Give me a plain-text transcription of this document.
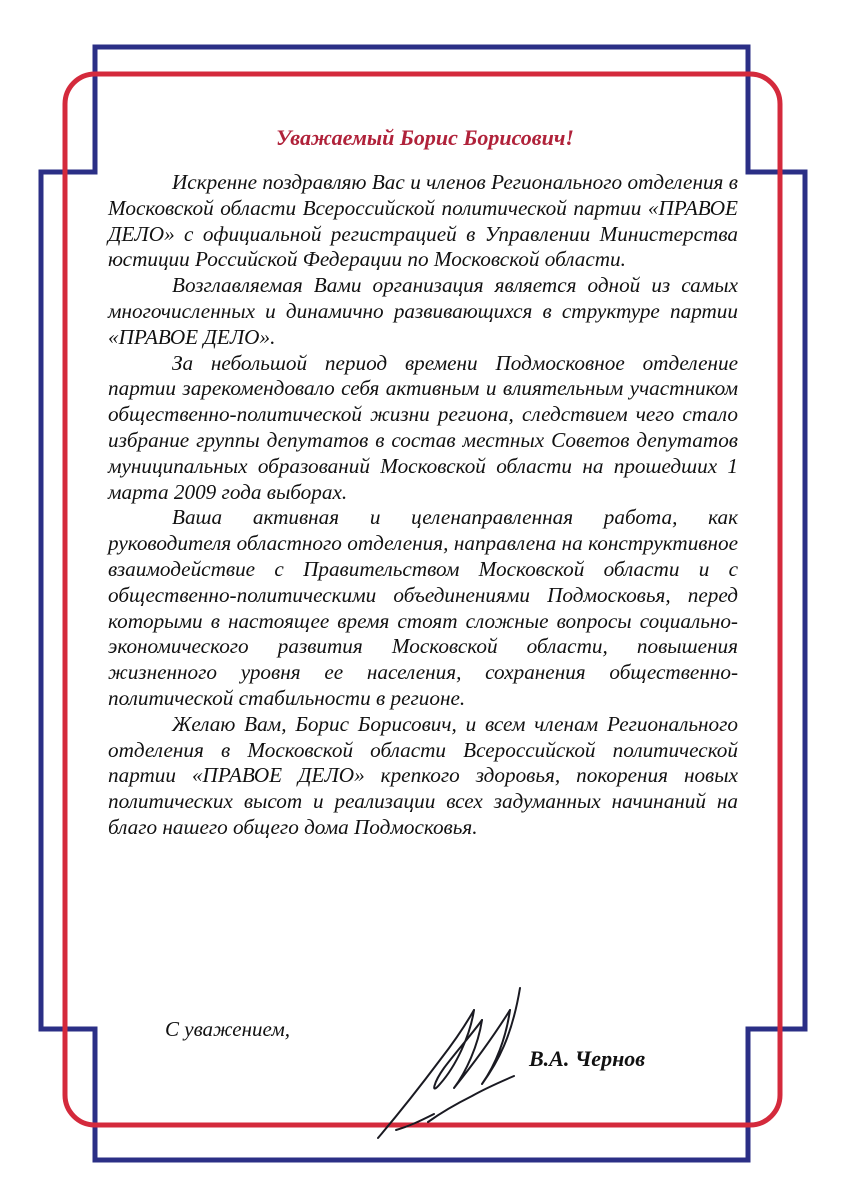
Уважаемый Борис Борисович!

Искренне поздравляю Вас и членов Регионального отделения в Московской области Всероссийской политической партии «ПРАВОЕ ДЕЛО» с официальной регистрацией в Управлении Министерства юстиции Российской Федерации по Московской области.

Возглавляемая Вами организация является одной из самых многочисленных и динамично развивающихся в структуре партии «ПРАВОЕ ДЕЛО».

За небольшой период времени Подмосковное отделение партии зарекомендовало себя активным и влиятельным участником общественно-политической жизни региона, следствием чего стало избрание группы депутатов в состав местных Советов депутатов муниципальных образований Московской области на прошедших 1 марта 2009 года выборах.

Ваша активная и целенаправленная работа, как руководителя областного отделения, направлена на конструктивное взаимодействие с Правительством Московской области и с общественно-политическими объединениями Подмосковья, перед которыми в настоящее время стоят сложные вопросы социально-экономического развития Московской области, повышения жизненного уровня ее населения, сохранения общественно-политической стабильности в регионе.

Желаю Вам, Борис Борисович, и всем членам Регионального отделения в Московской области Всероссийской политической партии «ПРАВОЕ ДЕЛО» крепкого здоровья, покорения новых политических высот и реализации всех задуманных начинаний на благо нашего общего дома Подмосковья.

С уважением,

В.А. Чернов
